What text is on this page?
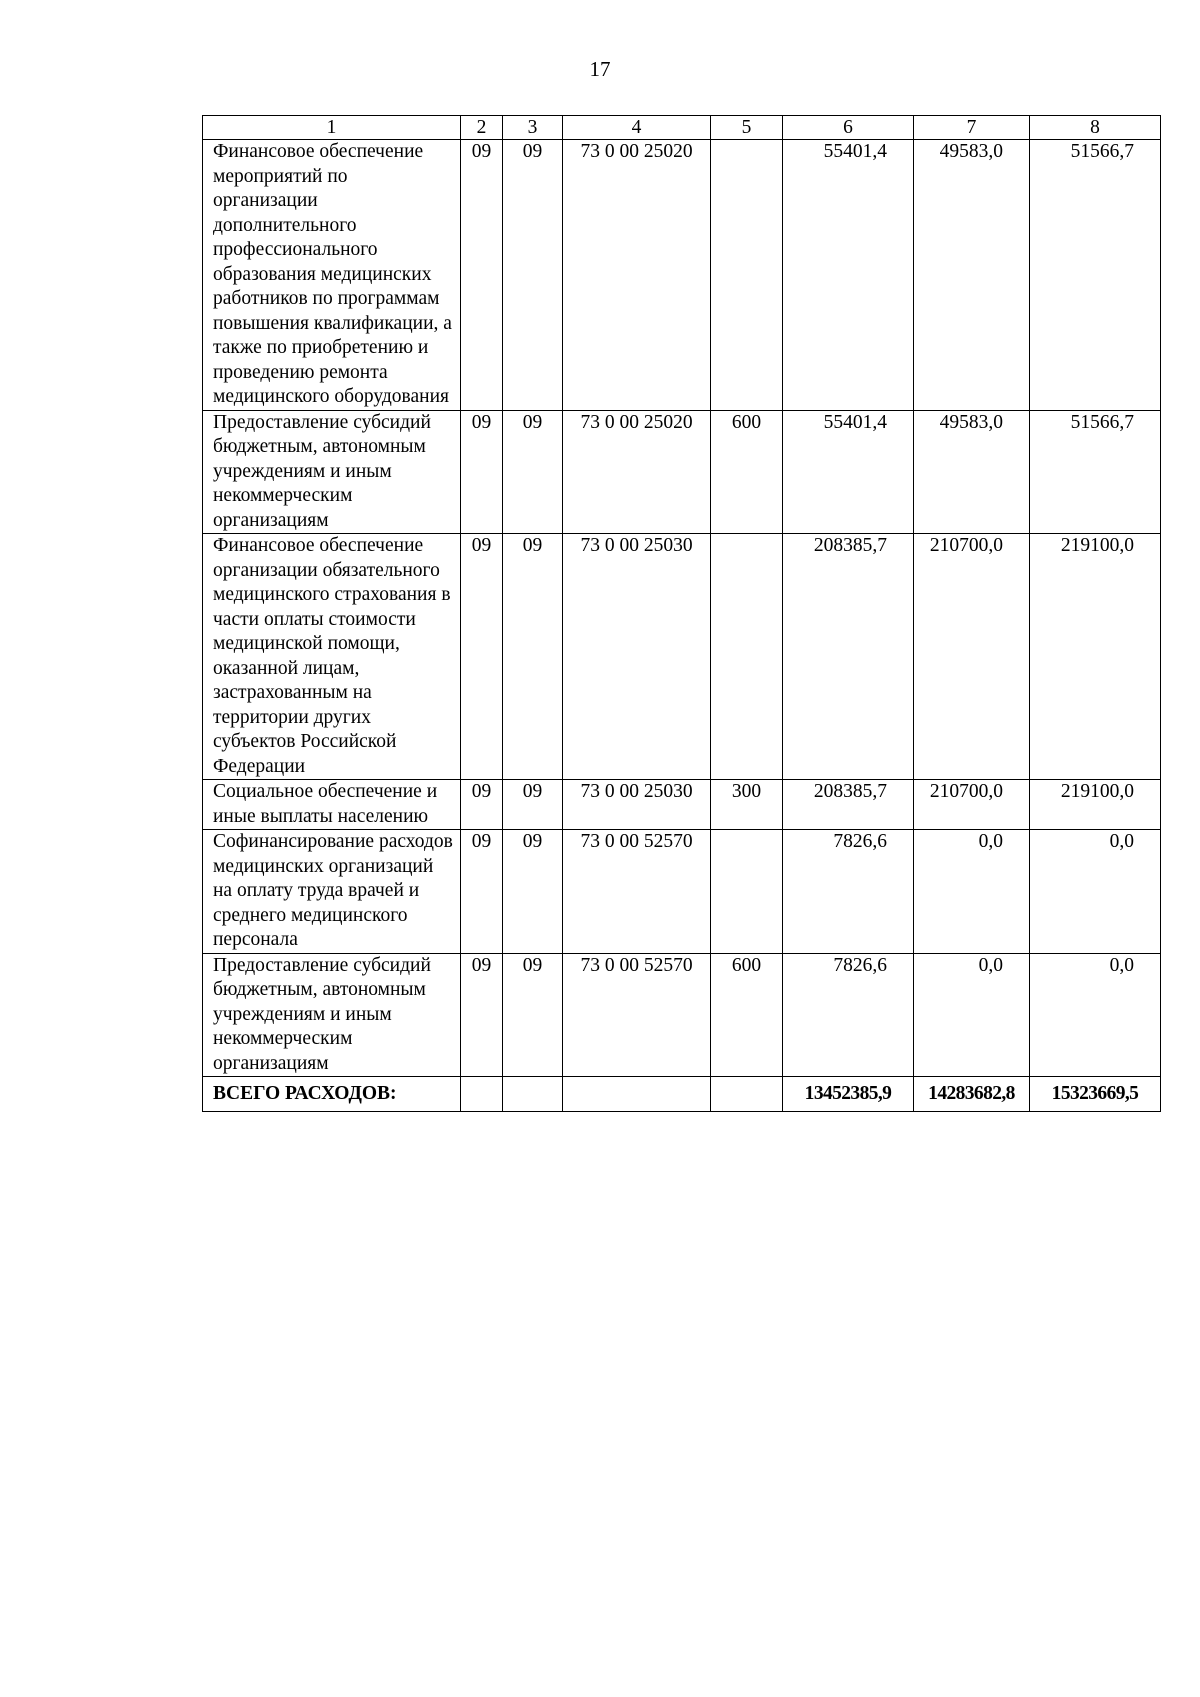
17
1	2	3	4	5	6	7	8
Финансовое обеспечение мероприятий по организации дополнительного профессионального образования медицинских работников по программам повышения квалификации, а также по приобретению и проведению ремонта медицинского оборудования	09	09	73 0 00 25020		55401,4	49583,0	51566,7
Предоставление субсидий бюджетным, автономным учреждениям и иным некоммерческим организациям	09	09	73 0 00 25020	600	55401,4	49583,0	51566,7
Финансовое обеспечение организации обязательного медицинского страхования в части оплаты стоимости медицинской помощи, оказанной лицам, застрахованным на территории других субъектов Российской Федерации	09	09	73 0 00 25030		208385,7	210700,0	219100,0
Социальное обеспечение и иные выплаты населению	09	09	73 0 00 25030	300	208385,7	210700,0	219100,0
Софинансирование расходов медицинских организаций на оплату труда врачей и среднего медицинского персонала	09	09	73 0 00 52570		7826,6	0,0	0,0
Предоставление субсидий бюджетным, автономным учреждениям и иным некоммерческим организациям	09	09	73 0 00 52570	600	7826,6	0,0	0,0
ВСЕГО РАСХОДОВ:					13452385,9	14283682,8	15323669,5
